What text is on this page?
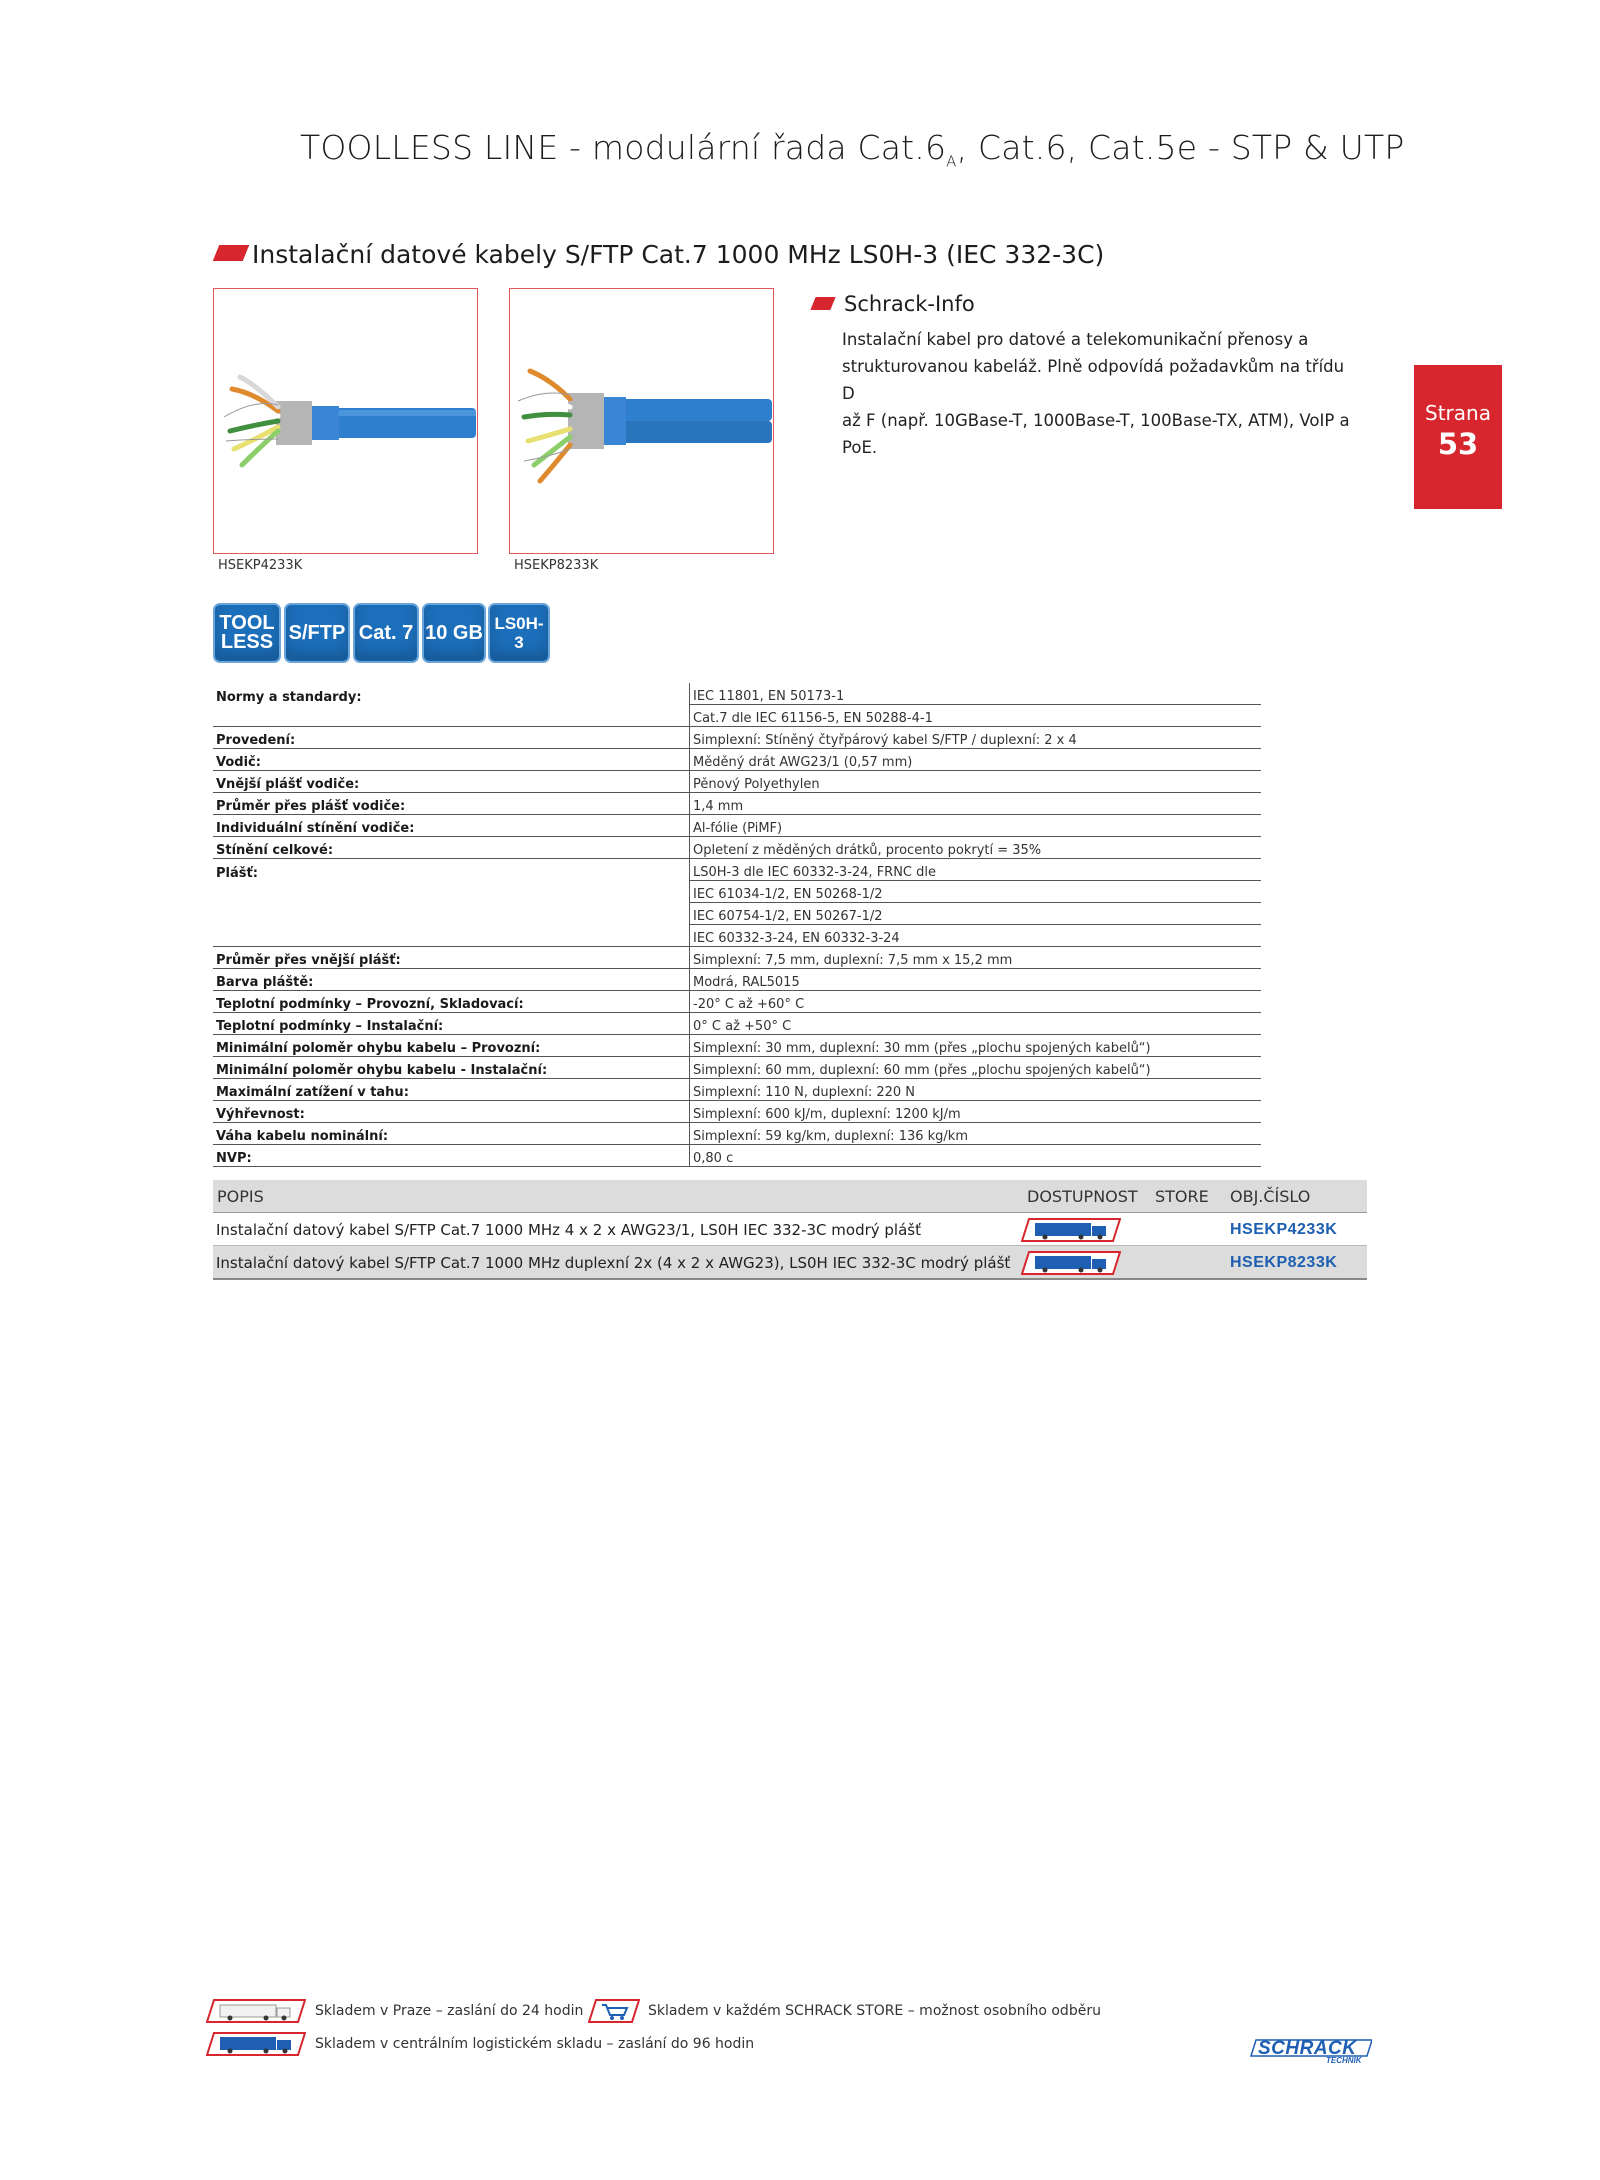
TOOLLESS LINE - modulární řada $Cat.6_A$, Cat.6, Cat.5e - STP & UTP
Instalační datové kabely S/FTP Cat.7 1000 MHz LS0H-3 (IEC 332-3C)
HSEKP4233K	HSEKP8233K
Schrack-Info
Instalační kabel pro datové a telekomunikační přenosy a
strukturovanou kabeláž. Plně odpovídá požadavkům na třídu D
až F (např. 10GBase-T, 1000Base-T, 100Base-TX, ATM), VoIP a
PoE.
Strana
53
TOOL
LESS S/FTP Cat. 7 10 GB LS0H-3
Normy a standardy:	IEC 11801, EN 50173-1
	Cat.7 dle IEC 61156-5, EN 50288-4-1
Provedení:	Simplexní: Stíněný čtyřpárový kabel S/FTP / duplexní: 2 x 4
Vodič:	Měděný drát AWG23/1 (0,57 mm)
Vnější plášť vodiče:	Pěnový Polyethylen
Průměr přes plášť vodiče:	1,4 mm
Individuální stínění vodiče:	Al-fólie (PiMF)
Stínění celkové:	Opletení z měděných drátků, procento pokrytí = 35%
Plášť:	LS0H-3 dle IEC 60332-3-24, FRNC dle
	IEC 61034-1/2, EN 50268-1/2
	IEC 60754-1/2, EN 50267-1/2
	IEC 60332-3-24, EN 60332-3-24
Průměr přes vnější plášť:	Simplexní: 7,5 mm, duplexní: 7,5 mm x 15,2 mm
Barva pláště:	Modrá, RAL5015
Teplotní podmínky – Provozní, Skladovací:	-20° C až +60° C
Teplotní podmínky – Instalační:	0° C až +50° C
Minimální poloměr ohybu kabelu – Provozní:	Simplexní: 30 mm, duplexní: 30 mm (přes „plochu spojených kabelů“)
Minimální poloměr ohybu kabelu - Instalační:	Simplexní: 60 mm, duplexní: 60 mm (přes „plochu spojených kabelů“)
Maximální zatížení v tahu:	Simplexní: 110 N, duplexní: 220 N
Výhřevnost:	Simplexní: 600 kJ/m, duplexní: 1200 kJ/m
Váha kabelu nominální:	Simplexní: 59 kg/km, duplexní: 136 kg/km
NVP:	0,80 c
POPIS	DOSTUPNOST STORE OBJ.ČÍSLO
Instalační datový kabel S/FTP Cat.7 1000 MHz 4 x 2 x AWG23/1, LS0H IEC 332-3C modrý plášť	HSEKP4233K
Instalační datový kabel S/FTP Cat.7 1000 MHz duplexní 2x (4 x 2 x AWG23), LS0H IEC 332-3C modrý plášť	HSEKP8233K
Skladem v Praze – zaslání do 24 hodin	Skladem v každém SCHRACK STORE – možnost osobního odběru
Skladem v centrálním logistickém skladu – zaslání do 96 hodin	SCHRACK
TECHNIK
